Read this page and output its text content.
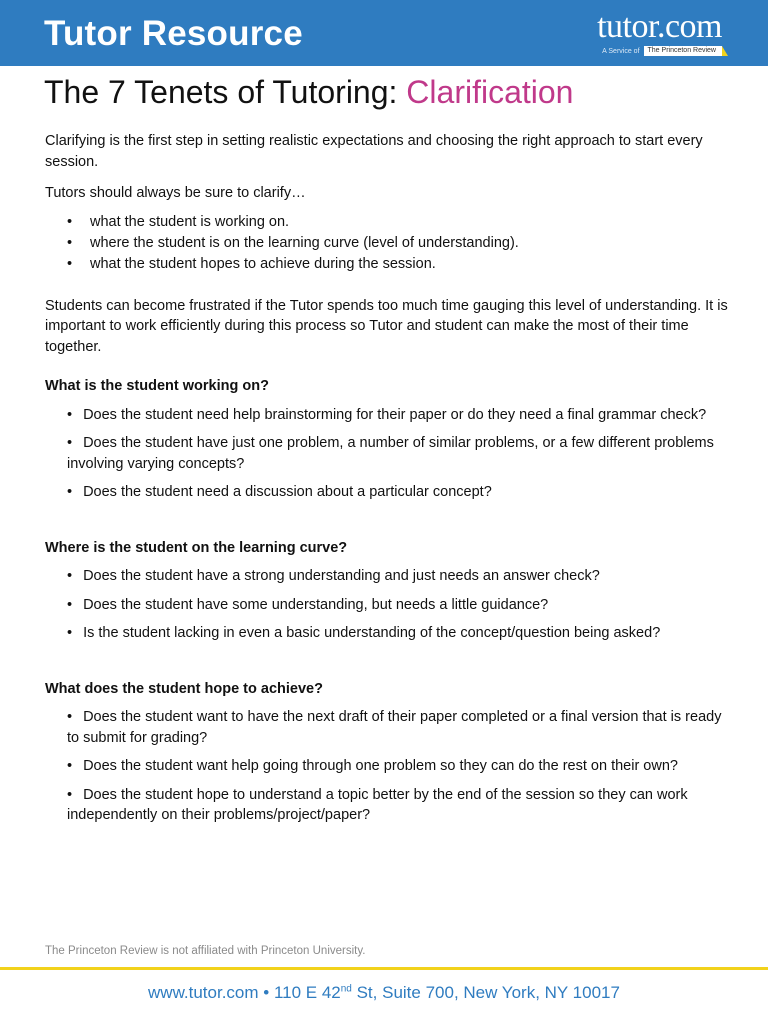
Tutor Resource	tutor.com
A Service of	The Princeton Review
The 7 Tenets of Tutoring: Clarification

Clarifying is the first step in setting realistic expectations and choosing the right approach to start every session.

Tutors should always be sure to clarify…

• what the student is working on.
• where the student is on the learning curve (level of understanding).
• what the student hopes to achieve during the session.

Students can become frustrated if the Tutor spends too much time gauging this level of understanding. It is important to work efficiently during this process so Tutor and student can make the most of their time together.

What is the student working on?

• Does the student need help brainstorming for their paper or do they need a final grammar check?
• Does the student have just one problem, a number of similar problems, or a few different problems involving varying concepts?
• Does the student need a discussion about a particular concept?

Where is the student on the learning curve?

• Does the student have a strong understanding and just needs an answer check?
• Does the student have some understanding, but needs a little guidance?
• Is the student lacking in even a basic understanding of the concept/question being asked?

What does the student hope to achieve?

• Does the student want to have the next draft of their paper completed or a final version that is ready to submit for grading?
• Does the student want help going through one problem so they can do the rest on their own?
• Does the student hope to understand a topic better by the end of the session so they can work independently on their problems/project/paper?
The Princeton Review is not affiliated with Princeton University.
www.tutor.com • 110 E 42nd St, Suite 700, New York, NY 10017
